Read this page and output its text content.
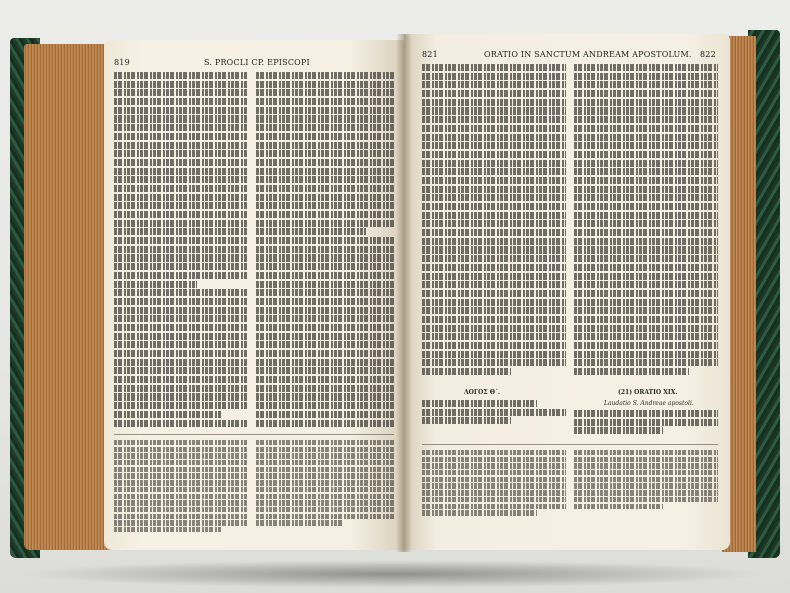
819	S. PROCLI CP. EPISCOPI
821	ORATIO IN SANCTUM ANDREAM APOSTOLUM. 822
ΛΟΓΟΣ Θ΄.	(21) ORATIO XIX.
Laudatio S. Andreae apostoli.
